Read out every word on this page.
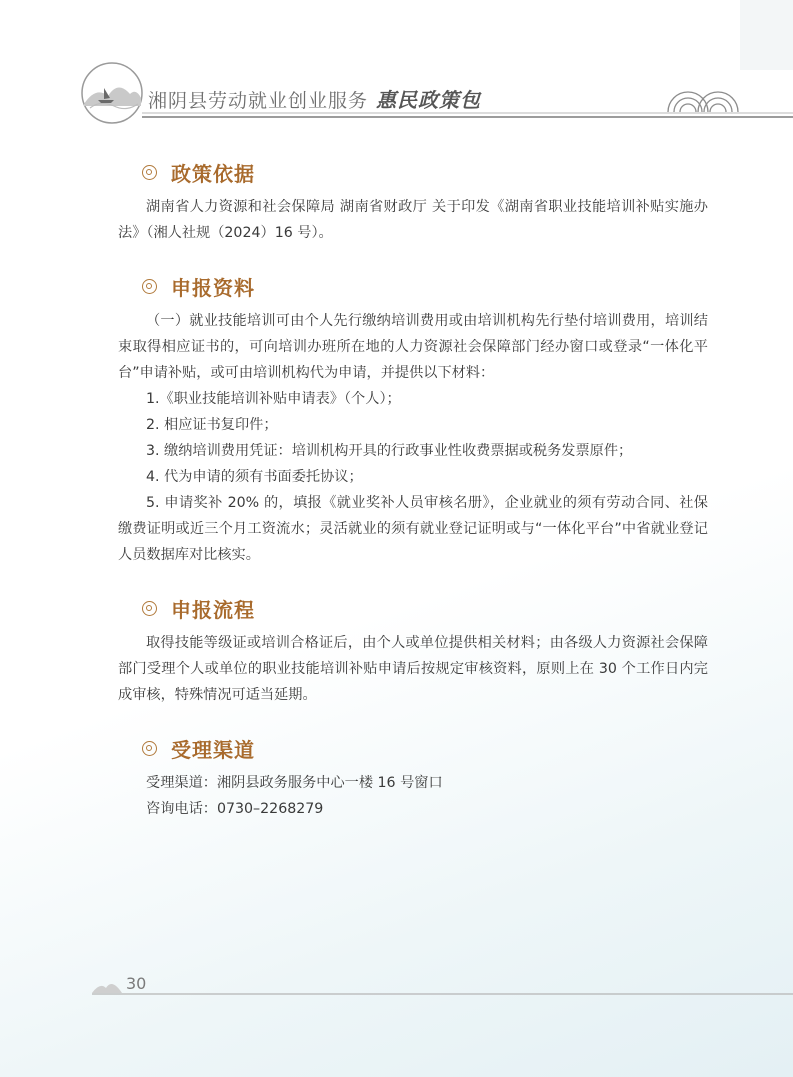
湘阴县劳动就业创业服务 惠民政策包
政策依据

湖南省人力资源和社会保障局 湖南省财政厅 关于印发《湖南省职业技能培训补贴实施办法》（湘人社规（2024）16 号）。

申报资料

（一）就业技能培训可由个人先行缴纳培训费用或由培训机构先行垫付培训费用，培训结束取得相应证书的，可向培训办班所在地的人力资源社会保障部门经办窗口或登录“一体化平台”申请补贴，或可由培训机构代为申请，并提供以下材料：

1.《职业技能培训补贴申请表》（个人）；

2. 相应证书复印件；

3. 缴纳培训费用凭证：培训机构开具的行政事业性收费票据或税务发票原件；

4. 代为申请的须有书面委托协议；

5. 申请奖补 20% 的，填报《就业奖补人员审核名册》，企业就业的须有劳动合同、社保缴费证明或近三个月工资流水；灵活就业的须有就业登记证明或与“一体化平台”中省就业登记人员数据库对比核实。

申报流程

取得技能等级证或培训合格证后，由个人或单位提供相关材料；由各级人力资源社会保障部门受理个人或单位的职业技能培训补贴申请后按规定审核资料，原则上在 30 个工作日内完成审核，特殊情况可适当延期。

受理渠道

受理渠道：湘阴县政务服务中心一楼 16 号窗口

咨询电话：0730–2268279

30
